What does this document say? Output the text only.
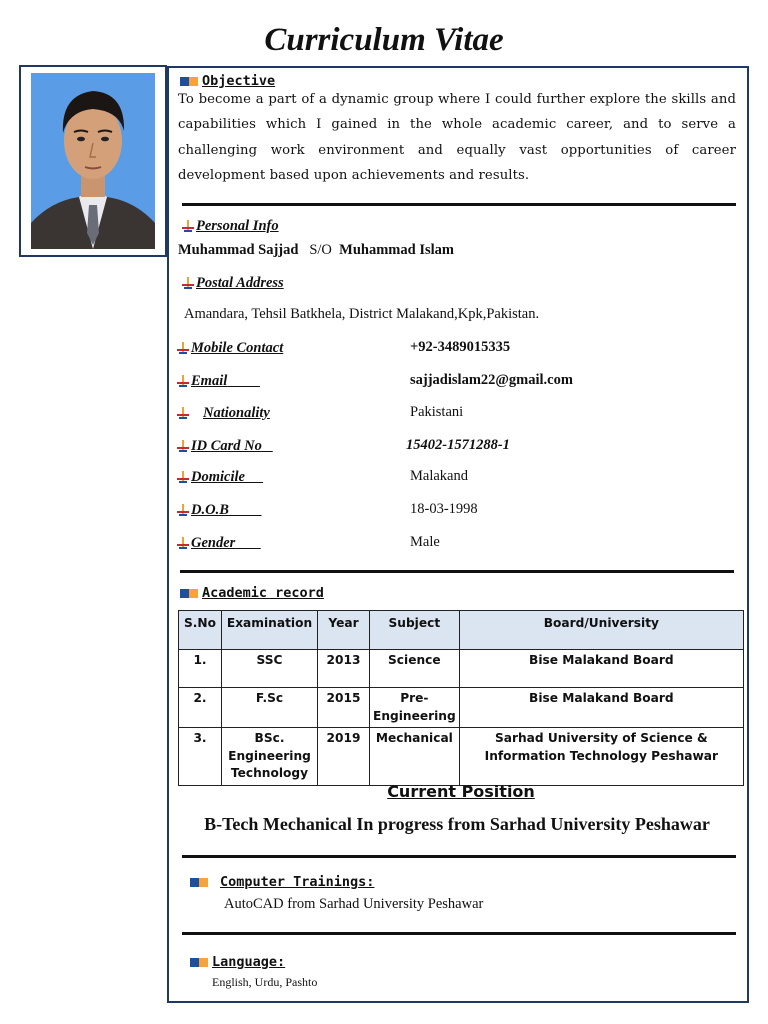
Curriculum Vitae
Objective
To become a part of a dynamic group where I could further explore the skills and capabilities which I gained in the whole academic career, and to serve a challenging work environment and equally vast opportunities of career development based upon achievements and results.
Personal Info
Muhammad Sajjad S/O Muhammad Islam
Postal Address
Amandara, Tehsil Batkhela, District Malakand,Kpk,Pakistan.
Mobile Contact	+92-3489015335
Email	sajjadislam22@gmail.com
Nationality	Pakistani
ID Card No	15402-1571288-1
Domicile	Malakand
D.O.B	18-03-1998
Gender	Male
Academic record
S.No	Examination	Year	Subject	Board/University
1.	SSC	2013	Science	Bise Malakand Board
2.	F.Sc	2015	Pre-Engineering	Bise Malakand Board
3.	BSc. Engineering Technology	2019	Mechanical	Sarhad University of Science & Information Technology Peshawar
Current Position
B-Tech Mechanical In progress from Sarhad University Peshawar
Computer Trainings:
AutoCAD from Sarhad University Peshawar
Language:
English, Urdu, Pashto
